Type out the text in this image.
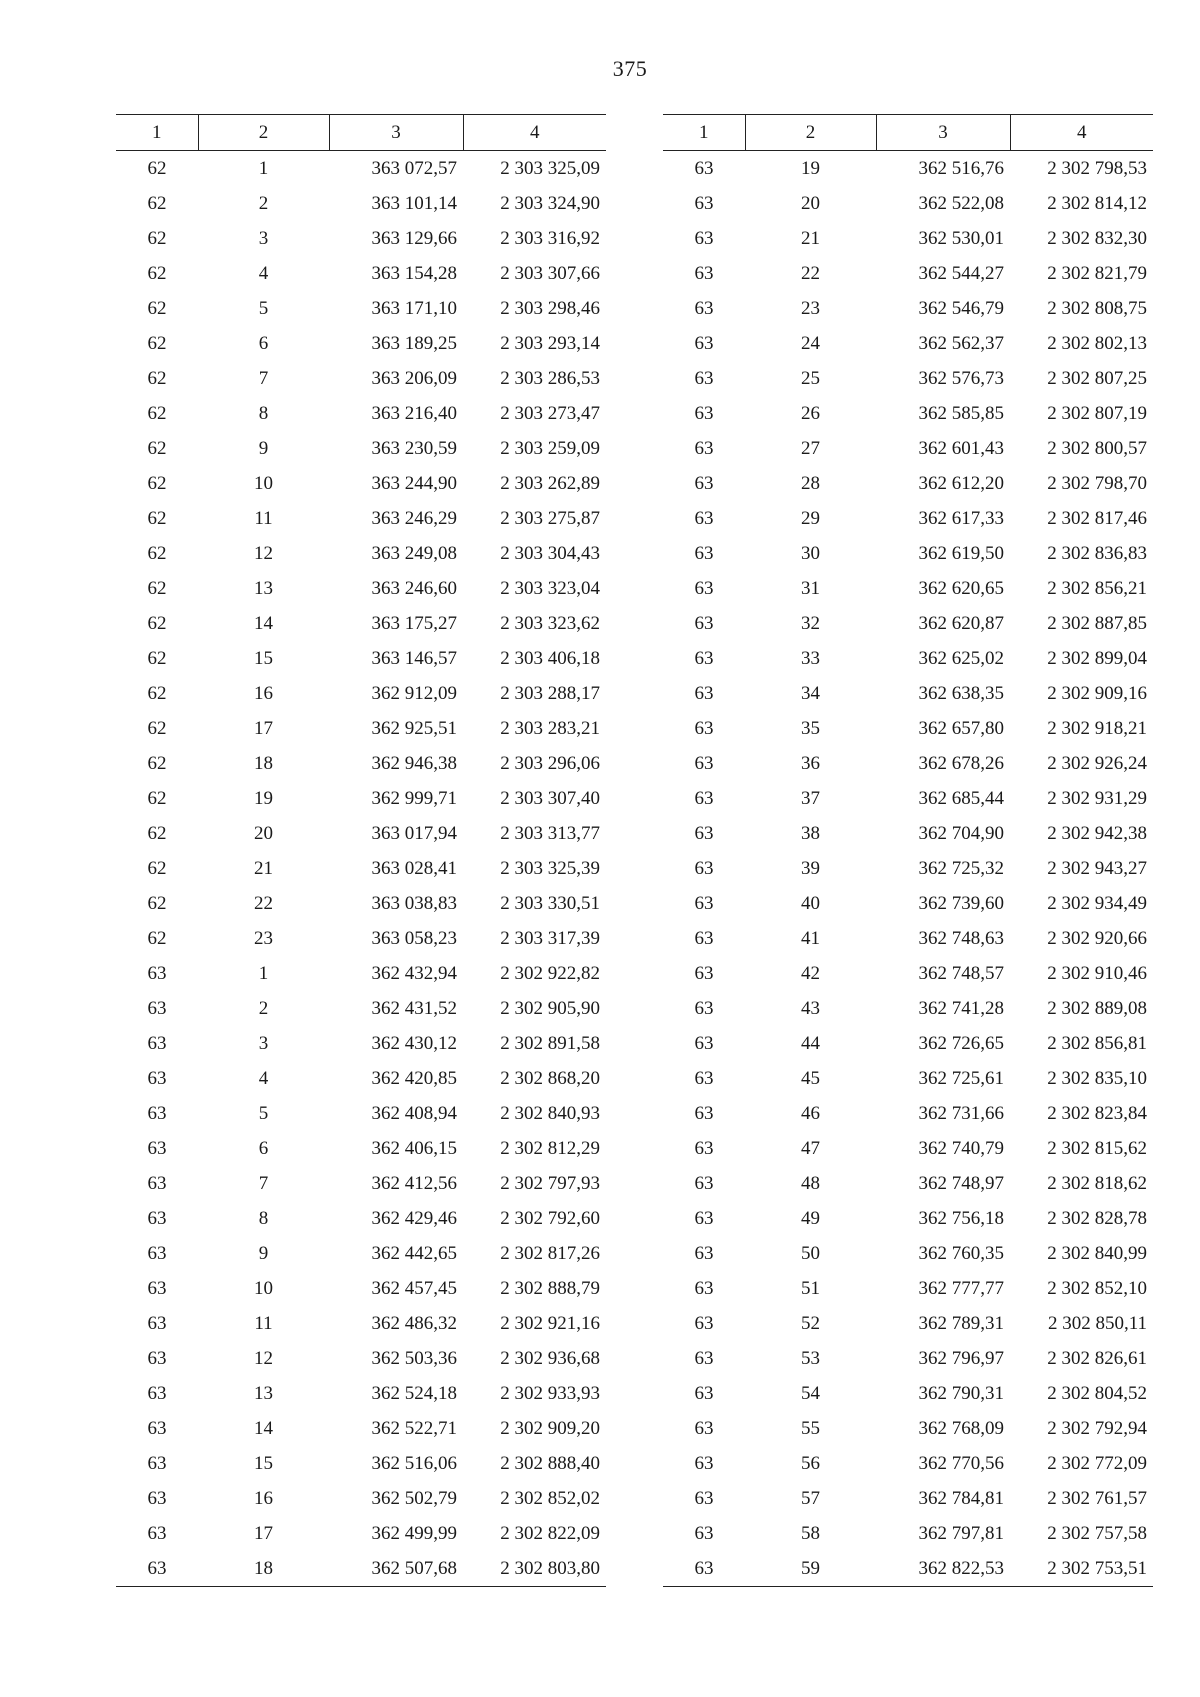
375
1	2	3	4
62	1	363 072,57	2 303 325,09
62	2	363 101,14	2 303 324,90
62	3	363 129,66	2 303 316,92
62	4	363 154,28	2 303 307,66
62	5	363 171,10	2 303 298,46
62	6	363 189,25	2 303 293,14
62	7	363 206,09	2 303 286,53
62	8	363 216,40	2 303 273,47
62	9	363 230,59	2 303 259,09
62	10	363 244,90	2 303 262,89
62	11	363 246,29	2 303 275,87
62	12	363 249,08	2 303 304,43
62	13	363 246,60	2 303 323,04
62	14	363 175,27	2 303 323,62
62	15	363 146,57	2 303 406,18
62	16	362 912,09	2 303 288,17
62	17	362 925,51	2 303 283,21
62	18	362 946,38	2 303 296,06
62	19	362 999,71	2 303 307,40
62	20	363 017,94	2 303 313,77
62	21	363 028,41	2 303 325,39
62	22	363 038,83	2 303 330,51
62	23	363 058,23	2 303 317,39
63	1	362 432,94	2 302 922,82
63	2	362 431,52	2 302 905,90
63	3	362 430,12	2 302 891,58
63	4	362 420,85	2 302 868,20
63	5	362 408,94	2 302 840,93
63	6	362 406,15	2 302 812,29
63	7	362 412,56	2 302 797,93
63	8	362 429,46	2 302 792,60
63	9	362 442,65	2 302 817,26
63	10	362 457,45	2 302 888,79
63	11	362 486,32	2 302 921,16
63	12	362 503,36	2 302 936,68
63	13	362 524,18	2 302 933,93
63	14	362 522,71	2 302 909,20
63	15	362 516,06	2 302 888,40
63	16	362 502,79	2 302 852,02
63	17	362 499,99	2 302 822,09
63	18	362 507,68	2 302 803,80
1	2	3	4
63	19	362 516,76	2 302 798,53
63	20	362 522,08	2 302 814,12
63	21	362 530,01	2 302 832,30
63	22	362 544,27	2 302 821,79
63	23	362 546,79	2 302 808,75
63	24	362 562,37	2 302 802,13
63	25	362 576,73	2 302 807,25
63	26	362 585,85	2 302 807,19
63	27	362 601,43	2 302 800,57
63	28	362 612,20	2 302 798,70
63	29	362 617,33	2 302 817,46
63	30	362 619,50	2 302 836,83
63	31	362 620,65	2 302 856,21
63	32	362 620,87	2 302 887,85
63	33	362 625,02	2 302 899,04
63	34	362 638,35	2 302 909,16
63	35	362 657,80	2 302 918,21
63	36	362 678,26	2 302 926,24
63	37	362 685,44	2 302 931,29
63	38	362 704,90	2 302 942,38
63	39	362 725,32	2 302 943,27
63	40	362 739,60	2 302 934,49
63	41	362 748,63	2 302 920,66
63	42	362 748,57	2 302 910,46
63	43	362 741,28	2 302 889,08
63	44	362 726,65	2 302 856,81
63	45	362 725,61	2 302 835,10
63	46	362 731,66	2 302 823,84
63	47	362 740,79	2 302 815,62
63	48	362 748,97	2 302 818,62
63	49	362 756,18	2 302 828,78
63	50	362 760,35	2 302 840,99
63	51	362 777,77	2 302 852,10
63	52	362 789,31	2 302 850,11
63	53	362 796,97	2 302 826,61
63	54	362 790,31	2 302 804,52
63	55	362 768,09	2 302 792,94
63	56	362 770,56	2 302 772,09
63	57	362 784,81	2 302 761,57
63	58	362 797,81	2 302 757,58
63	59	362 822,53	2 302 753,51
